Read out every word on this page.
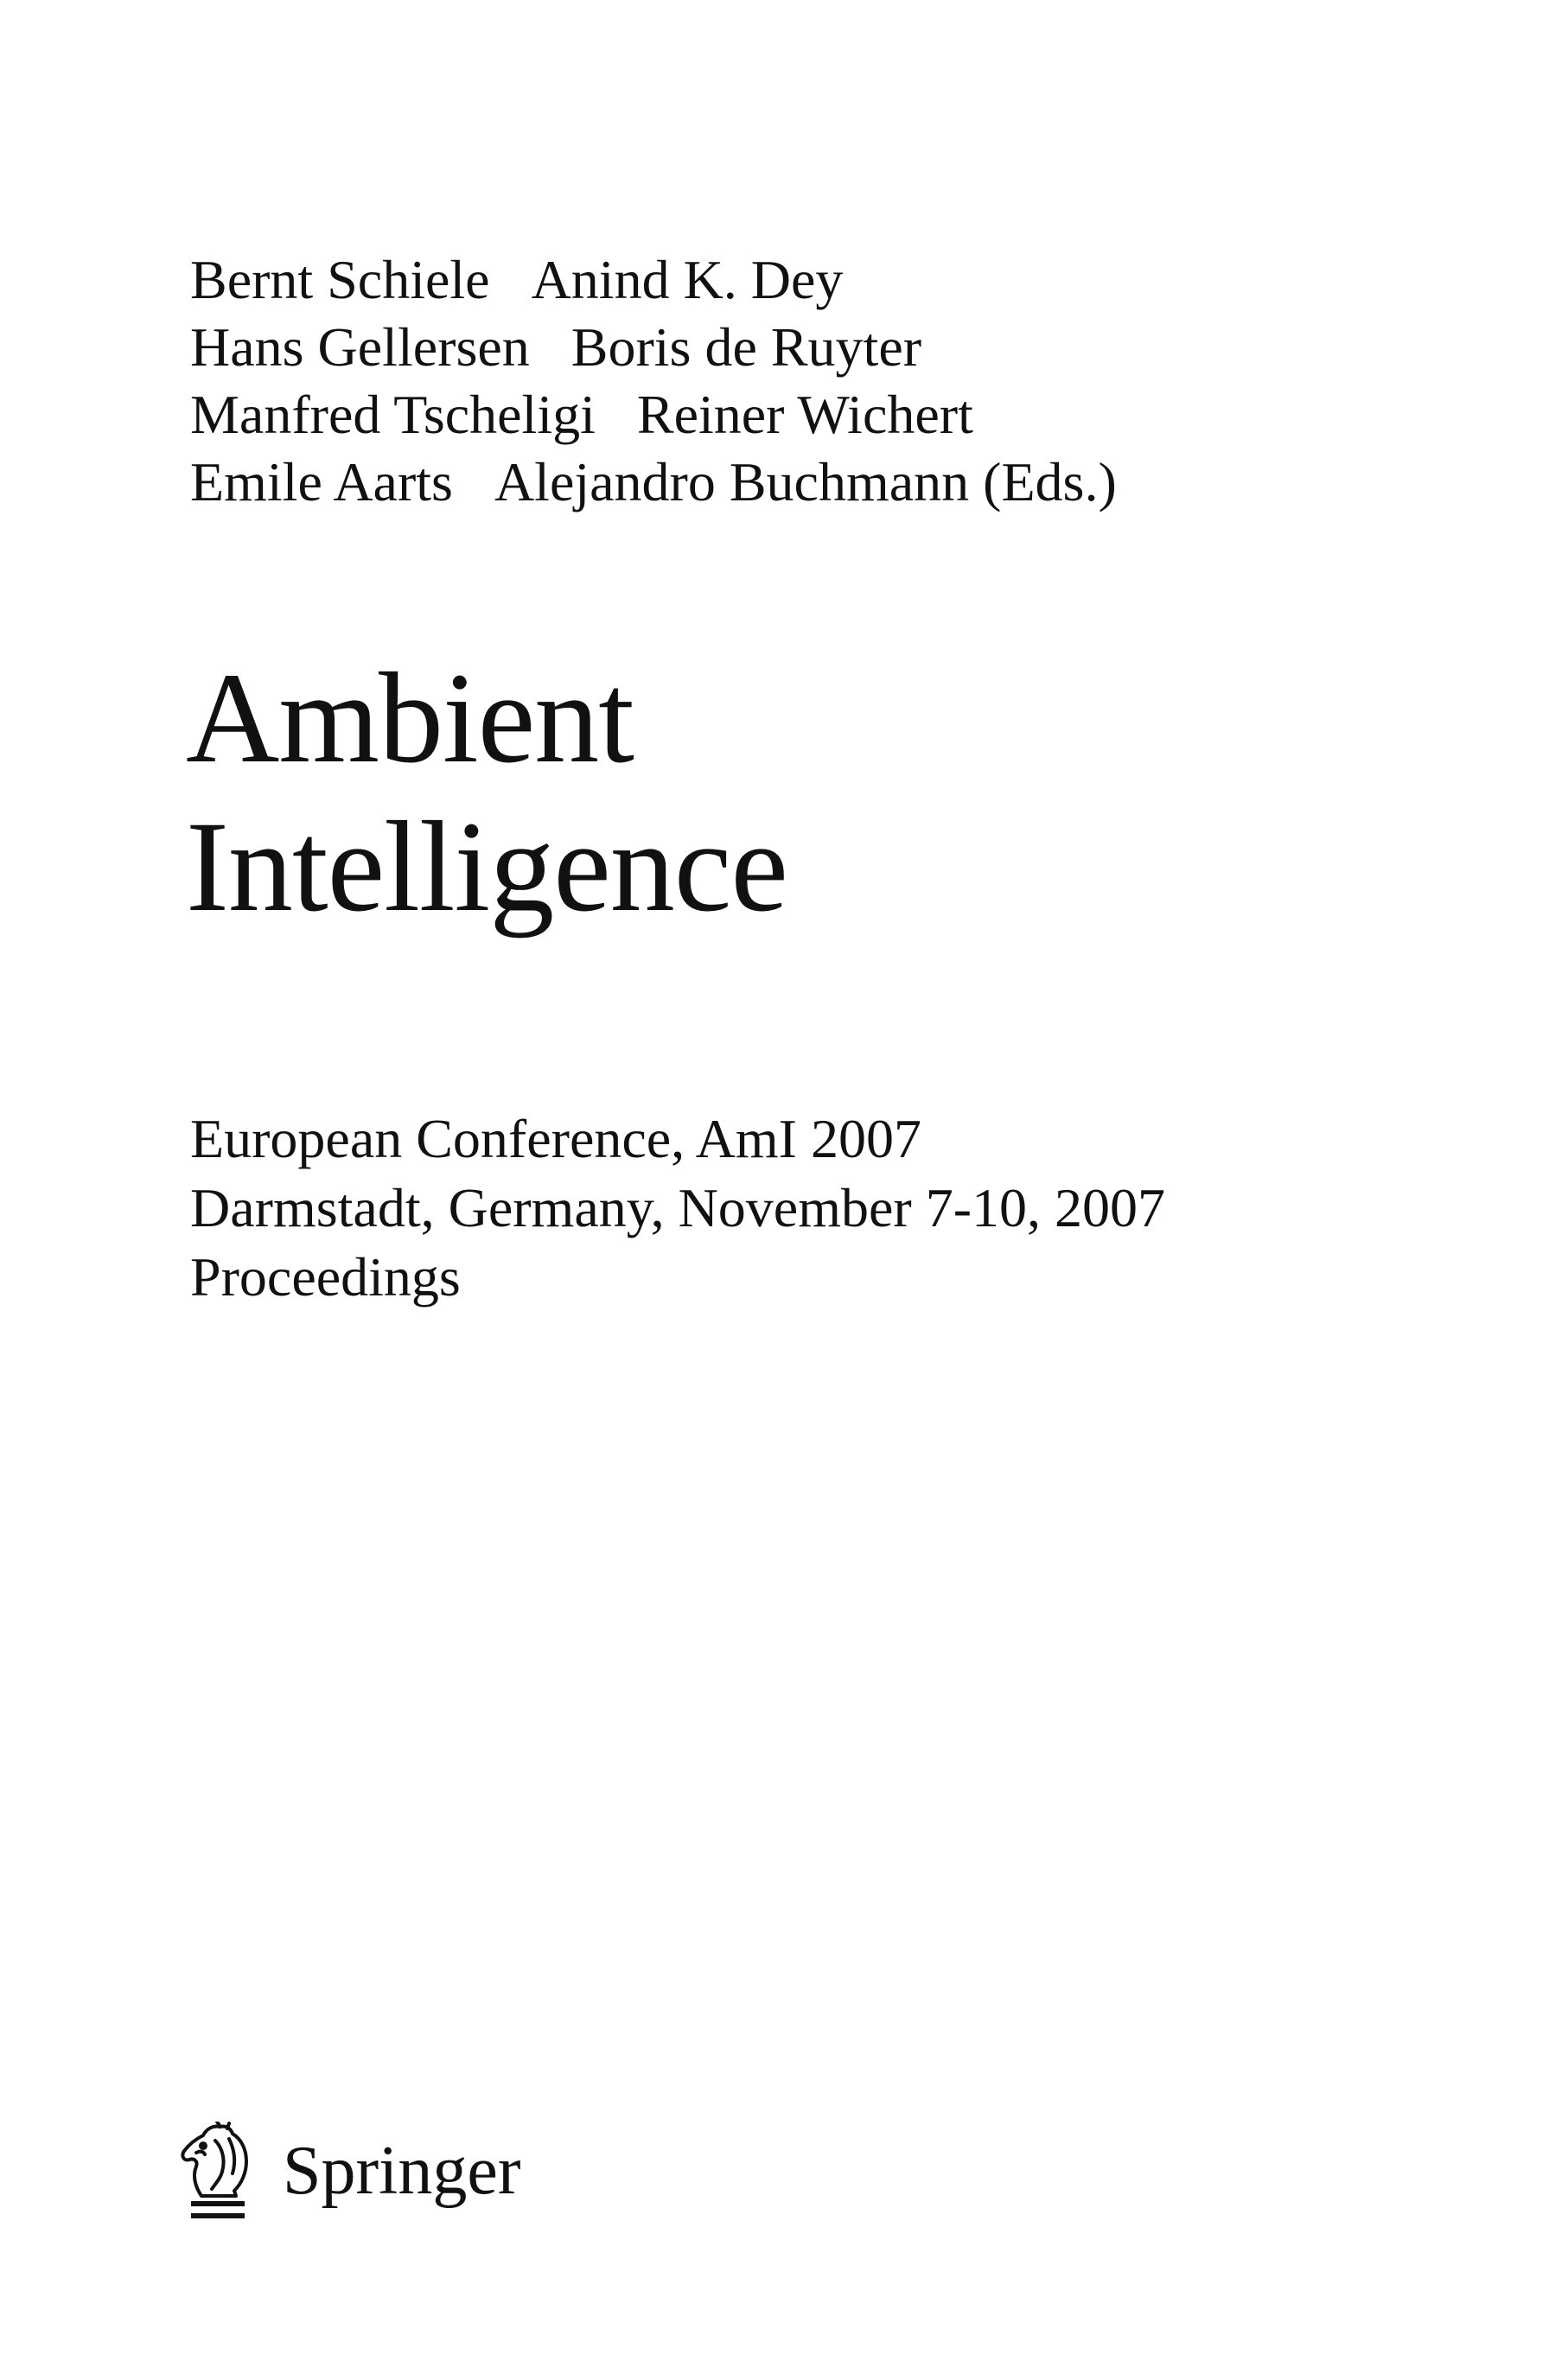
Bernt Schiele Anind K. Dey
Hans Gellersen Boris de Ruyter
Manfred Tscheligi Reiner Wichert
Emile Aarts Alejandro Buchmann (Eds.)
Ambient
Intelligence
European Conference, AmI 2007
Darmstadt, Germany, November 7-10, 2007
Proceedings
Springer
